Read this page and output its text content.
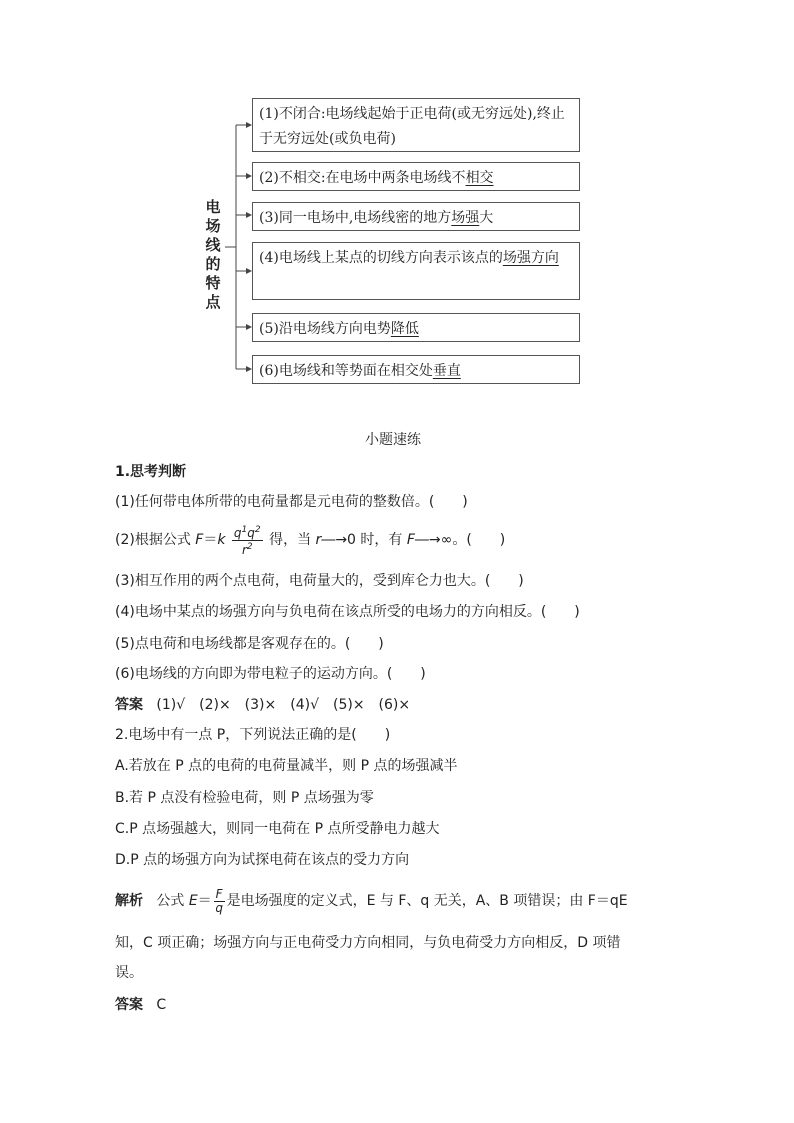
电
场
线
的
特
点
(1)不闭合:电场线起始于正电荷(或无穷远处),终止于无穷远处(或负电荷)
(2)不相交:在电场中两条电场线不相交
(3)同一电场中,电场线密的地方场强大
(4)电场线上某点的切线方向表示该点的场强方向
(5)沿电场线方向电势降低
(6)电场线和等势面在相交处垂直
小题速练
1.思考判断
(1)任何带电体所带的电荷量都是元电荷的整数倍。(　　)
(2)根据公式 $F=k \frac{q^1q^2}{r^2}$ 得，当 r―→0 时，有 F―→∞。(　　)
(3)相互作用的两个点电荷，电荷量大的，受到库仑力也大。(　　)
(4)电场中某点的场强方向与负电荷在该点所受的电场力的方向相反。(　　)
(5)点电荷和电场线都是客观存在的。(　　)
(6)电场线的方向即为带电粒子的运动方向。(　　)
答案 (1)√　(2)×　(3)×　(4)√　(5)×　(6)×
2.电场中有一点 P，下列说法正确的是(　　)
A.若放在 P 点的电荷的电荷量减半，则 P 点的场强减半
B.若 P 点没有检验电荷，则 P 点场强为零
C.P 点场强越大，则同一电荷在 P 点所受静电力越大
D.P 点的场强方向为试探电荷在该点的受力方向
解析 公式 $E= \frac{F}{q}$ 是电场强度的定义式，E 与 F、q 无关，A、B 项错误；由 F＝qE
知，C 项正确；场强方向与正电荷受力方向相同，与负电荷受力方向相反，D 项错
误。
答案 C
